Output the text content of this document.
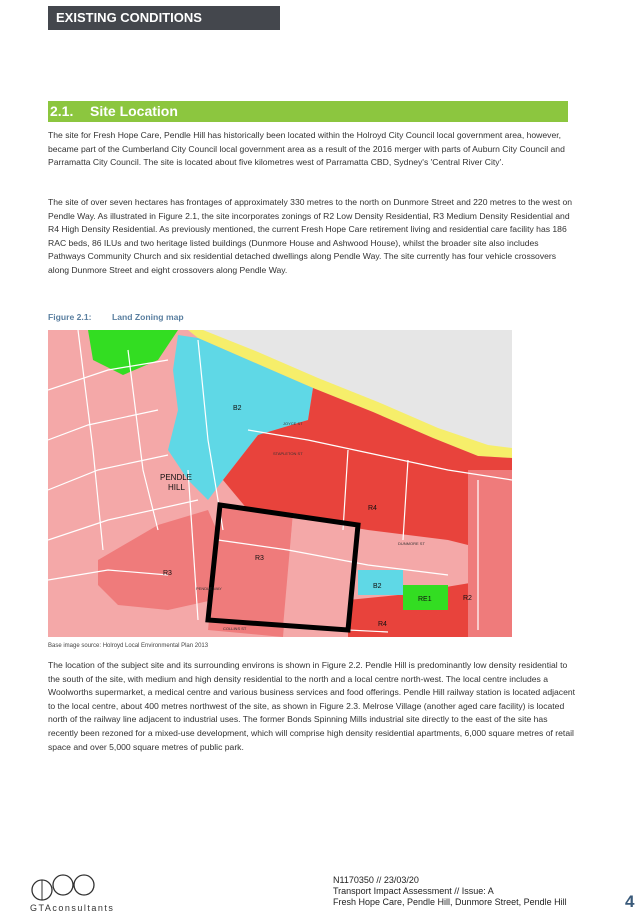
EXISTING CONDITIONS
2.1. Site Location

The site for Fresh Hope Care, Pendle Hill has historically been located within the Holroyd City Council local government area, however, became part of the Cumberland City Council local government area as a result of the 2016 merger with parts of Auburn City Council and Parramatta City Council. The site is located about five kilometres west of Parramatta CBD, Sydney's 'Central River City'.

The site of over seven hectares has frontages of approximately 330 metres to the north on Dunmore Street and 220 metres to the west on Pendle Way. As illustrated in Figure 2.1, the site incorporates zonings of R2 Low Density Residential, R3 Medium Density Residential and R4 High Density Residential. As previously mentioned, the current Fresh Hope Care retirement living and residential care facility has 186 RAC beds, 86 ILUs and two heritage listed buildings (Dunmore House and Ashwood House), whilst the broader site also includes Pathways Community Church and six residential detached dwellings along Pendle Way. The site currently has four vehicle crossovers along Dunmore Street and eight crossovers along Pendle Way.

Figure 2.1: Land Zoning map
B2
PENDLE
HILL
R4
R3
R3
B2
RE1	R2
R4
DUNMORE ST
STAPLETON ST
JOYCE ST
PENDLE WAY
COLLINS ST
Base image source: Holroyd Local Environmental Plan 2013

The location of the subject site and its surrounding environs is shown in Figure 2.2. Pendle Hill is predominantly low density residential to the south of the site, with medium and high density residential to the north and a local centre north-west. The local centre includes a Woolworths supermarket, a medical centre and various business services and food offerings. Pendle Hill railway station is located adjacent to the local centre, about 400 metres northwest of the site, as shown in Figure 2.3. Melrose Village (another aged care facility) is located north of the railway line adjacent to industrial uses. The former Bonds Spinning Mills industrial site directly to the east of the site has recently been rezoned for a mixed-use development, which will comprise high density residential apartments, 6,000 square metres of retail space and over 5,000 square metres of public park.

GTAconsultants
N1170350 // 23/03/20
Transport Impact Assessment // Issue: A
Fresh Hope Care, Pendle Hill, Dunmore Street, Pendle Hill	4
